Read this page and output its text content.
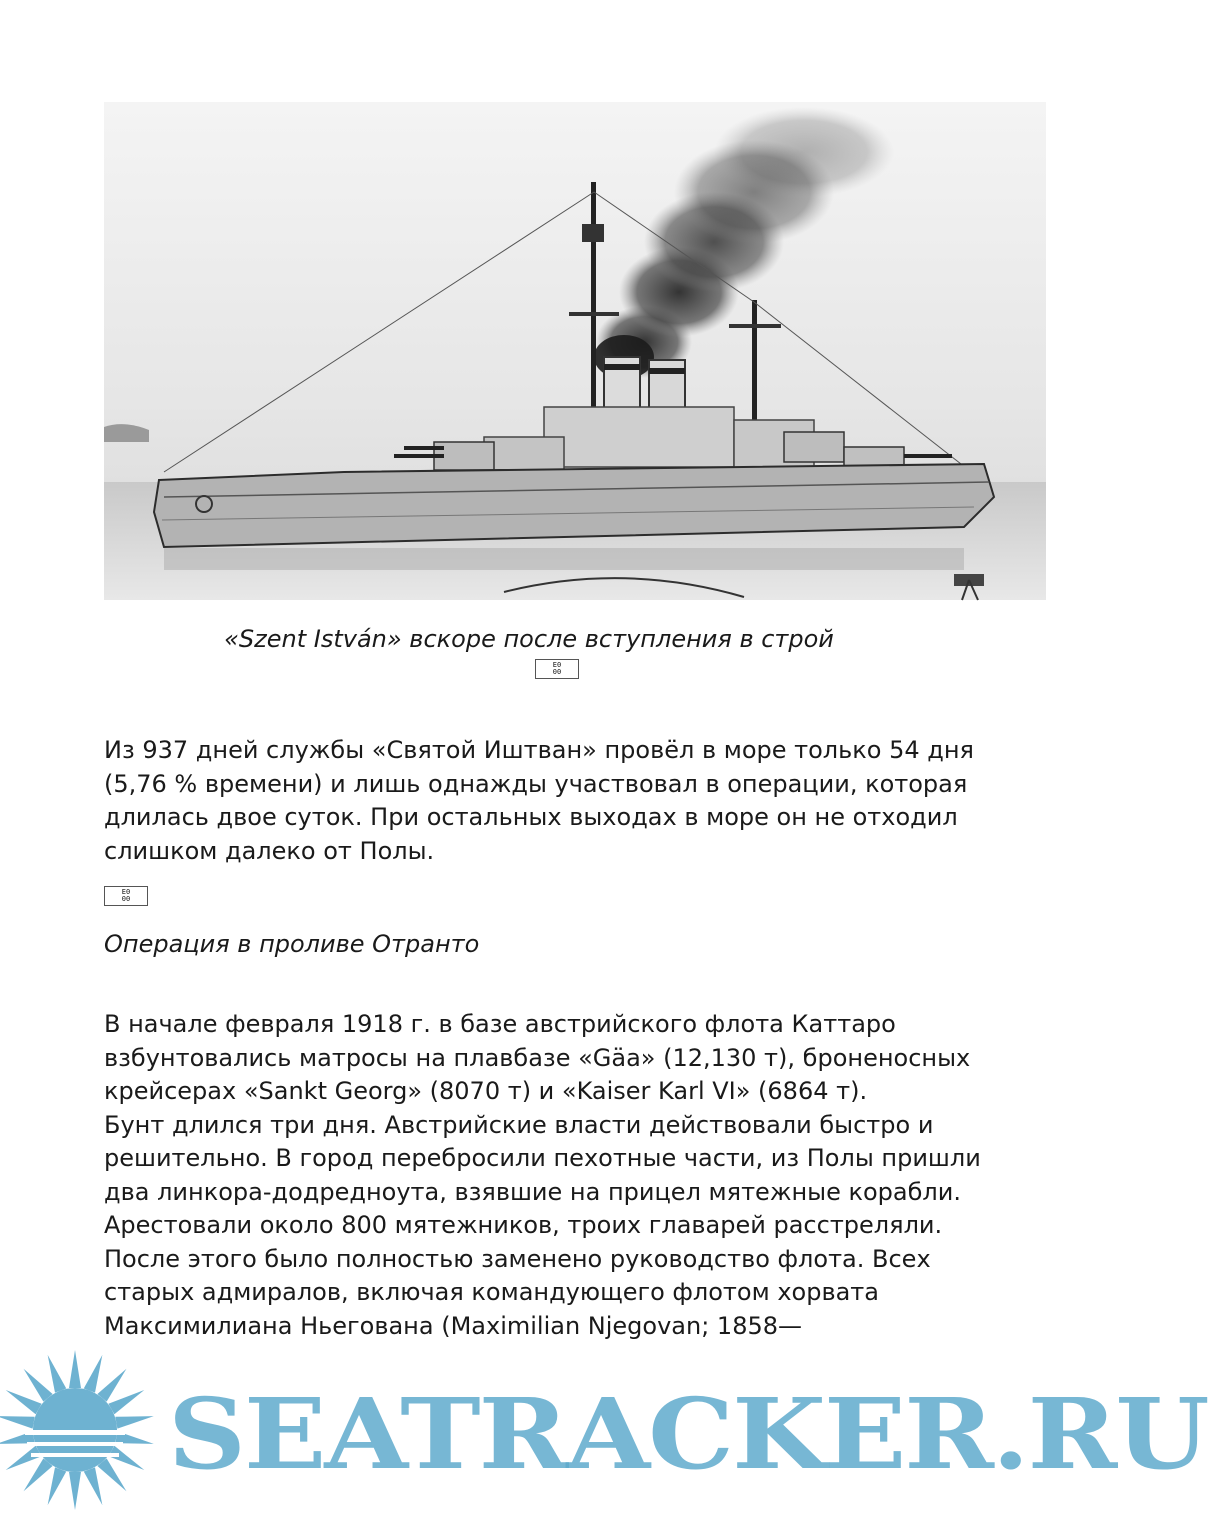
«Szent István» вскоре после вступления в строй
E0
00

Из 937 дней службы «Святой Иштван» провёл в море только 54 дня (5,76 % времени) и лишь однажды участвовал в операции, которая длилась двое суток. При остальных выходах в море он не отходил слишком далеко от Полы.

E0
00
Операция в проливе Отранто
В начале февраля 1918 г. в базе австрийского флота Каттаро взбунтовались матросы на плавбазе «Gäa» (12,130 т), броненосных крейсерах «Sankt Georg» (8070 т) и «Kaiser Karl VI» (6864 т).
Бунт длился три дня. Австрийские власти действовали быстро и решительно. В город перебросили пехотные части, из Полы пришли два линкора-додредноута, взявшие на прицел мятежные корабли. Арестовали около 800 мятежников, троих главарей расстреляли.
После этого было полностью заменено руководство флота. Всех старых адмиралов, включая командующего флотом хорвата Максимилиана Ньегована (Maximilian Njegovan; 1858—
SEATRACKER.RU
